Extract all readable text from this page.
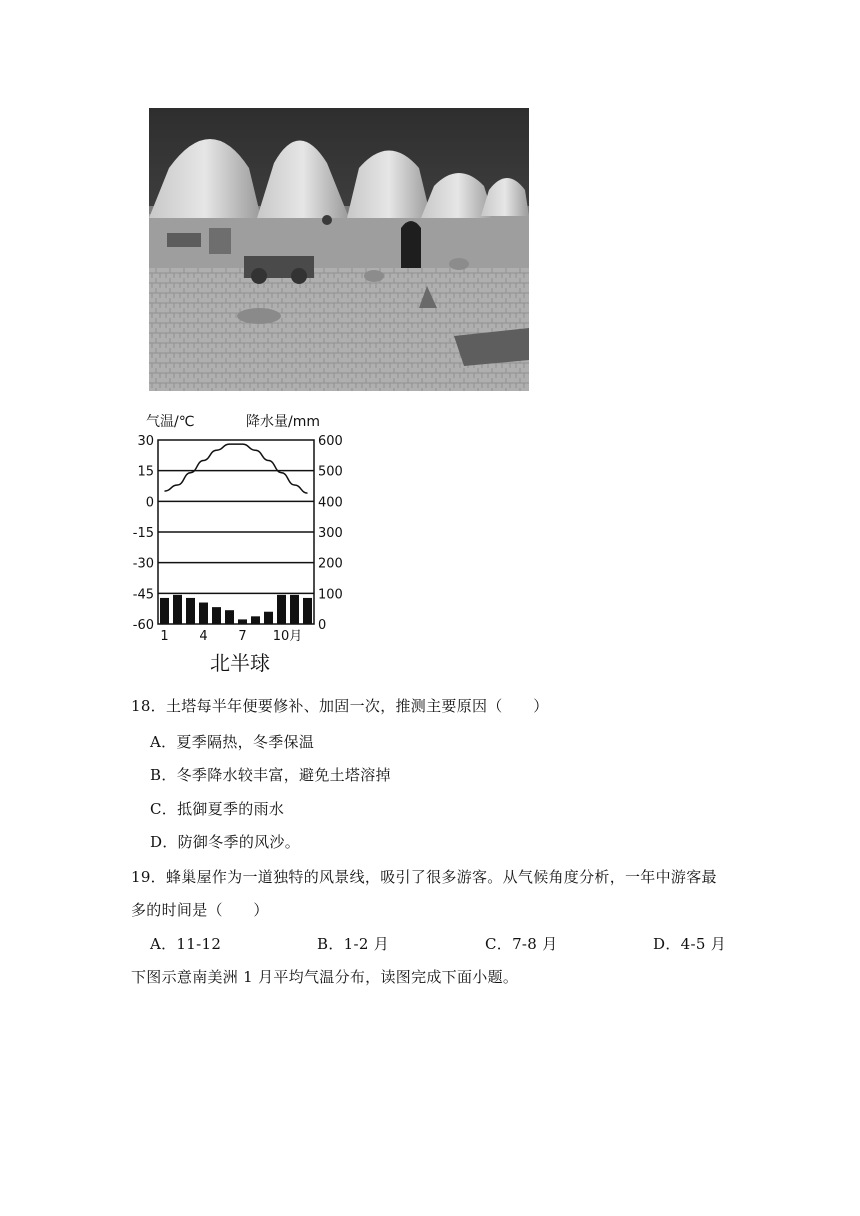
气温/℃	降水量/mm
30
15
0
-15
-30
-45
-60
600
500
400
300
200
100
0
1 4 7 10月
北半球
18．土塔每半年便要修补、加固一次，推测主要原因（　　）
A．夏季隔热，冬季保温
B．冬季降水较丰富，避免土塔溶掉
C．抵御夏季的雨水
D．防御冬季的风沙。
19．蜂巢屋作为一道独特的风景线，吸引了很多游客。从气候角度分析，一年中游客最
多的时间是（　　）
A．11-12	B．1-2 月	C．7-8 月	D．4-5 月
下图示意南美洲 1 月平均气温分布，读图完成下面小题。
